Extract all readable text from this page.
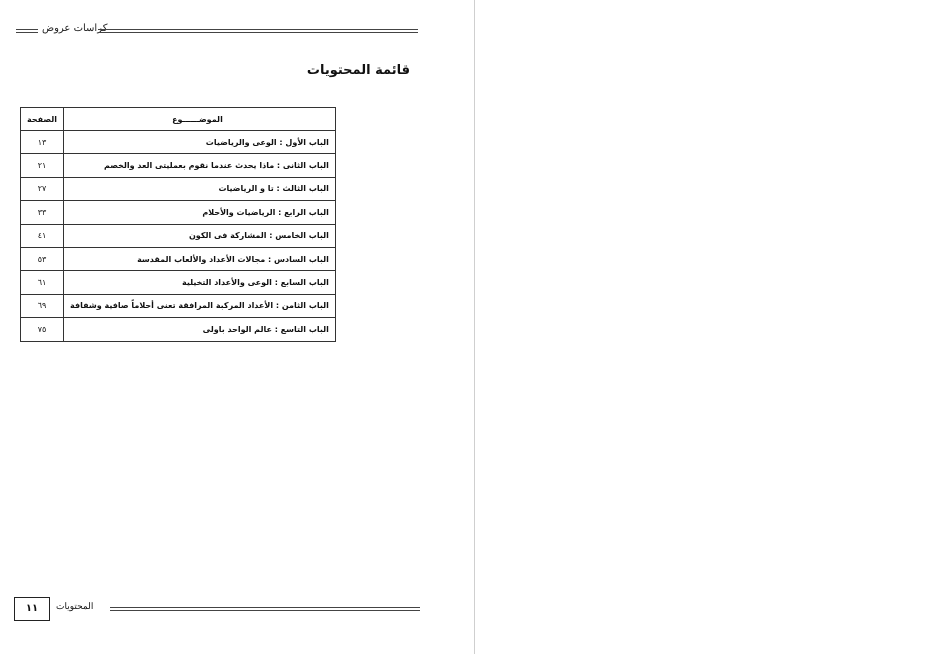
كراسات عروض
قائمة المحتويات
الموضــــــوع	الصفحة
الباب الأول : الوعى والرياضيات	١٣
الباب الثانى : ماذا يحدث عندما نقوم بعمليتى العد والخصم	٢١
الباب الثالث : تا و الرياضيات	٢٧
الباب الرابع : الرياضيات والأحلام	٣٣
الباب الخامس : المشاركة فى الكون	٤١
الباب السادس : مجالات الأعداد والألعاب المقدسة	٥٣
الباب السابع : الوعى والأعداد التخيلية	٦١
الباب الثامن : الأعداد المركبة المرافقة تعنى أحلاماً صافية وشفافة	٦٩
الباب التاسع : عالم الواحد باولى	٧٥
١١	المحتويات
